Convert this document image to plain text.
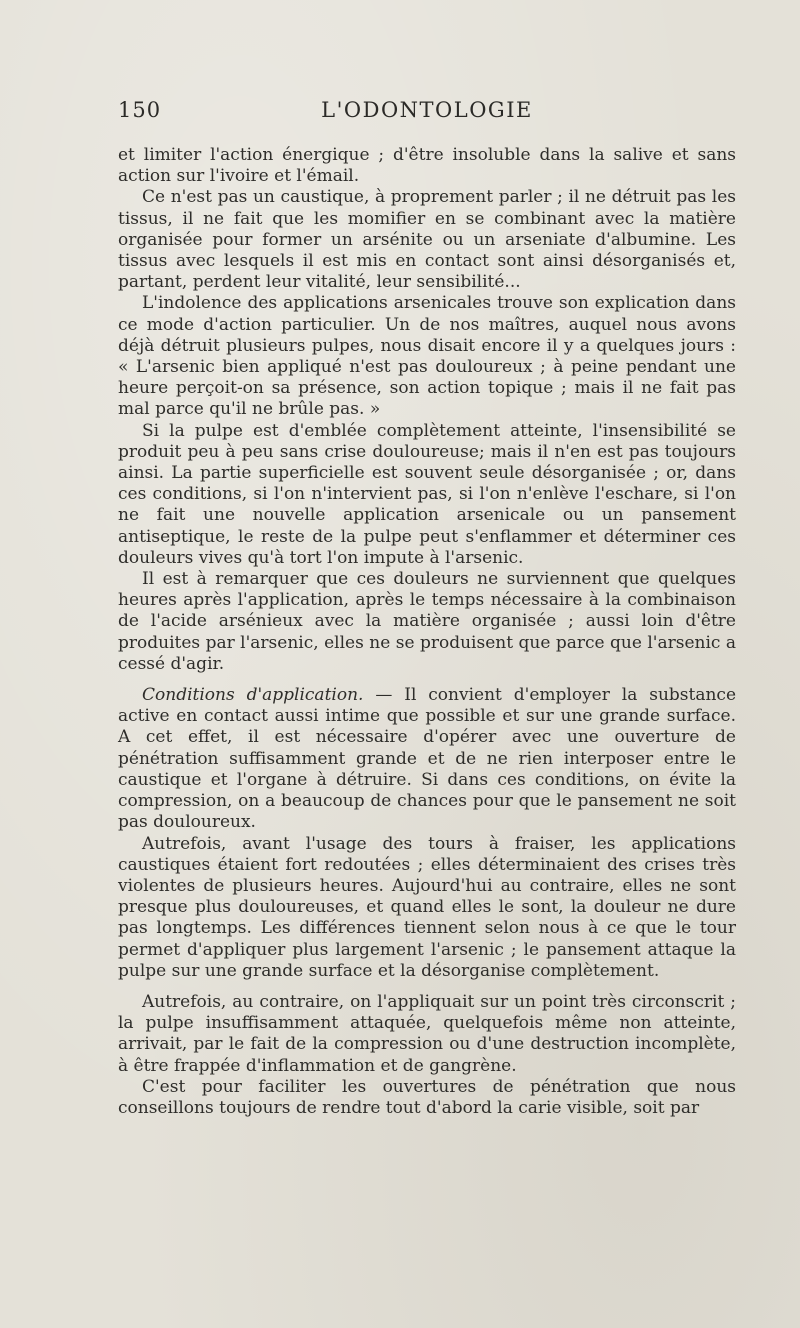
150	L'ODONTOLOGIE

et limiter l'action énergique ; d'être insoluble dans la salive et sans action sur l'ivoire et l'émail.

Ce n'est pas un caustique, à proprement parler ; il ne détruit pas les tissus, il ne fait que les momifier en se combinant avec la matière organisée pour former un arsénite ou un arseniate d'albumine. Les tissus avec lesquels il est mis en contact sont ainsi désorganisés et, partant, perdent leur vitalité, leur sensibilité...

L'indolence des applications arsenicales trouve son explication dans ce mode d'action particulier. Un de nos maîtres, auquel nous avons déjà détruit plusieurs pulpes, nous disait encore il y a quelques jours : « L'arsenic bien appliqué n'est pas douloureux ; à peine pendant une heure perçoit-on sa présence, son action topique ; mais il ne fait pas mal parce qu'il ne brûle pas. »

Si la pulpe est d'emblée complètement atteinte, l'insensibilité se produit peu à peu sans crise douloureuse; mais il n'en est pas toujours ainsi. La partie superficielle est souvent seule désorganisée ; or, dans ces conditions, si l'on n'intervient pas, si l'on n'enlève l'eschare, si l'on ne fait une nouvelle application arsenicale ou un pansement antiseptique, le reste de la pulpe peut s'enflammer et déterminer ces douleurs vives qu'à tort l'on impute à l'arsenic.

Il est à remarquer que ces douleurs ne surviennent que quelques heures après l'application, après le temps nécessaire à la combinaison de l'acide arsénieux avec la matière organisée ; aussi loin d'être produites par l'arsenic, elles ne se produisent que parce que l'arsenic a cessé d'agir.

Conditions d'application. — Il convient d'employer la substance active en contact aussi intime que possible et sur une grande surface. A cet effet, il est nécessaire d'opérer avec une ouverture de pénétration suffisamment grande et de ne rien interposer entre le caustique et l'organe à détruire. Si dans ces conditions, on évite la compression, on a beaucoup de chances pour que le pansement ne soit pas douloureux.

Autrefois, avant l'usage des tours à fraiser, les applications caustiques étaient fort redoutées ; elles déterminaient des crises très violentes de plusieurs heures. Aujourd'hui au contraire, elles ne sont presque plus douloureuses, et quand elles le sont, la douleur ne dure pas longtemps. Les différences tiennent selon nous à ce que le tour permet d'appliquer plus largement l'arsenic ; le pansement attaque la pulpe sur une grande surface et la désorganise complètement.

Autrefois, au contraire, on l'appliquait sur un point très circonscrit ; la pulpe insuffisamment attaquée, quelquefois même non atteinte, arrivait, par le fait de la compression ou d'une destruction incomplète, à être frappée d'inflammation et de gangrène.

C'est pour faciliter les ouvertures de pénétration que nous conseillons toujours de rendre tout d'abord la carie visible, soit par
